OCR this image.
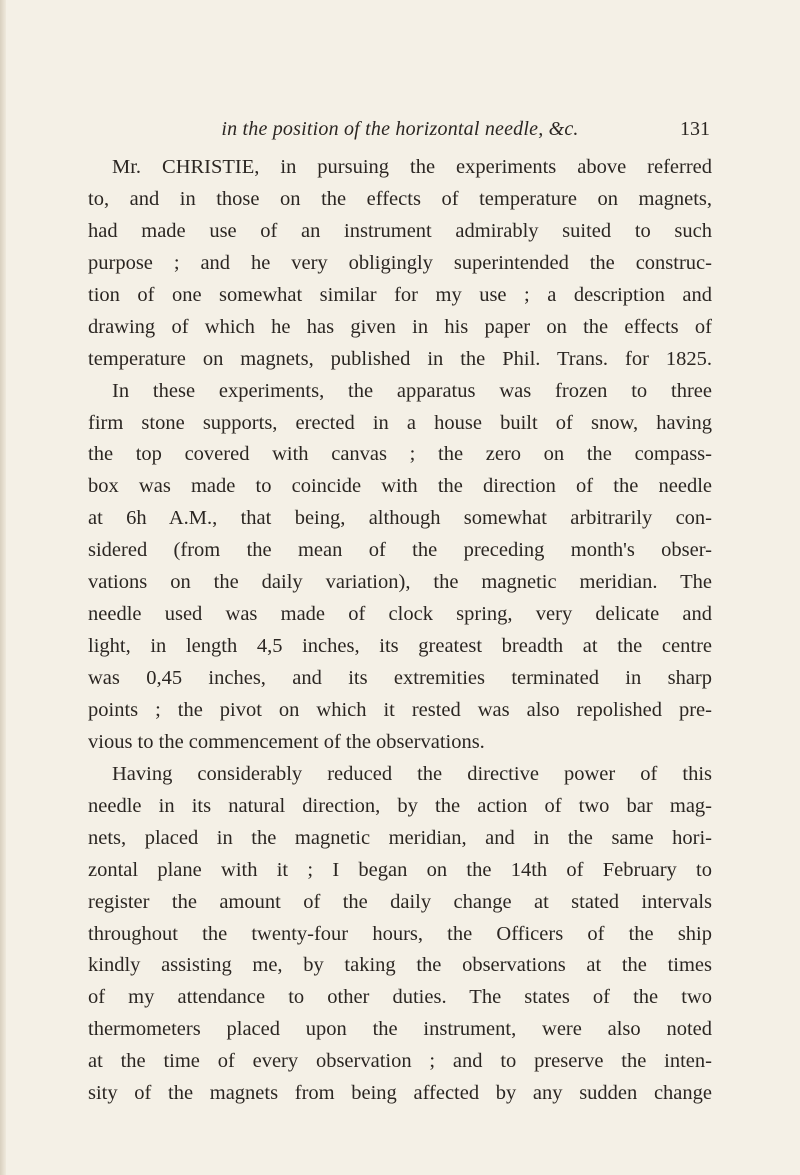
in the position of the horizontal needle, &c.	131
Mr. CHRISTIE, in pursuing the experiments above referred
to, and in those on the effects of temperature on magnets,
had made use of an instrument admirably suited to such
purpose ; and he very obligingly superintended the construc-
tion of one somewhat similar for my use ; a description and
drawing of which he has given in his paper on the effects of
temperature on magnets, published in the Phil. Trans. for 1825.
In these experiments, the apparatus was frozen to three
firm stone supports, erected in a house built of snow, having
the top covered with canvas ; the zero on the compass-
box was made to coincide with the direction of the needle
at 6h A.M., that being, although somewhat arbitrarily con-
sidered (from the mean of the preceding month's obser-
vations on the daily variation), the magnetic meridian. The
needle used was made of clock spring, very delicate and
light, in length 4,5 inches, its greatest breadth at the centre
was 0,45 inches, and its extremities terminated in sharp
points ; the pivot on which it rested was also repolished pre-
vious to the commencement of the observations.
Having considerably reduced the directive power of this
needle in its natural direction, by the action of two bar mag-
nets, placed in the magnetic meridian, and in the same hori-
zontal plane with it ; I began on the 14th of February to
register the amount of the daily change at stated intervals
throughout the twenty-four hours, the Officers of the ship
kindly assisting me, by taking the observations at the times
of my attendance to other duties. The states of the two
thermometers placed upon the instrument, were also noted
at the time of every observation ; and to preserve the inten-
sity of the magnets from being affected by any sudden change
